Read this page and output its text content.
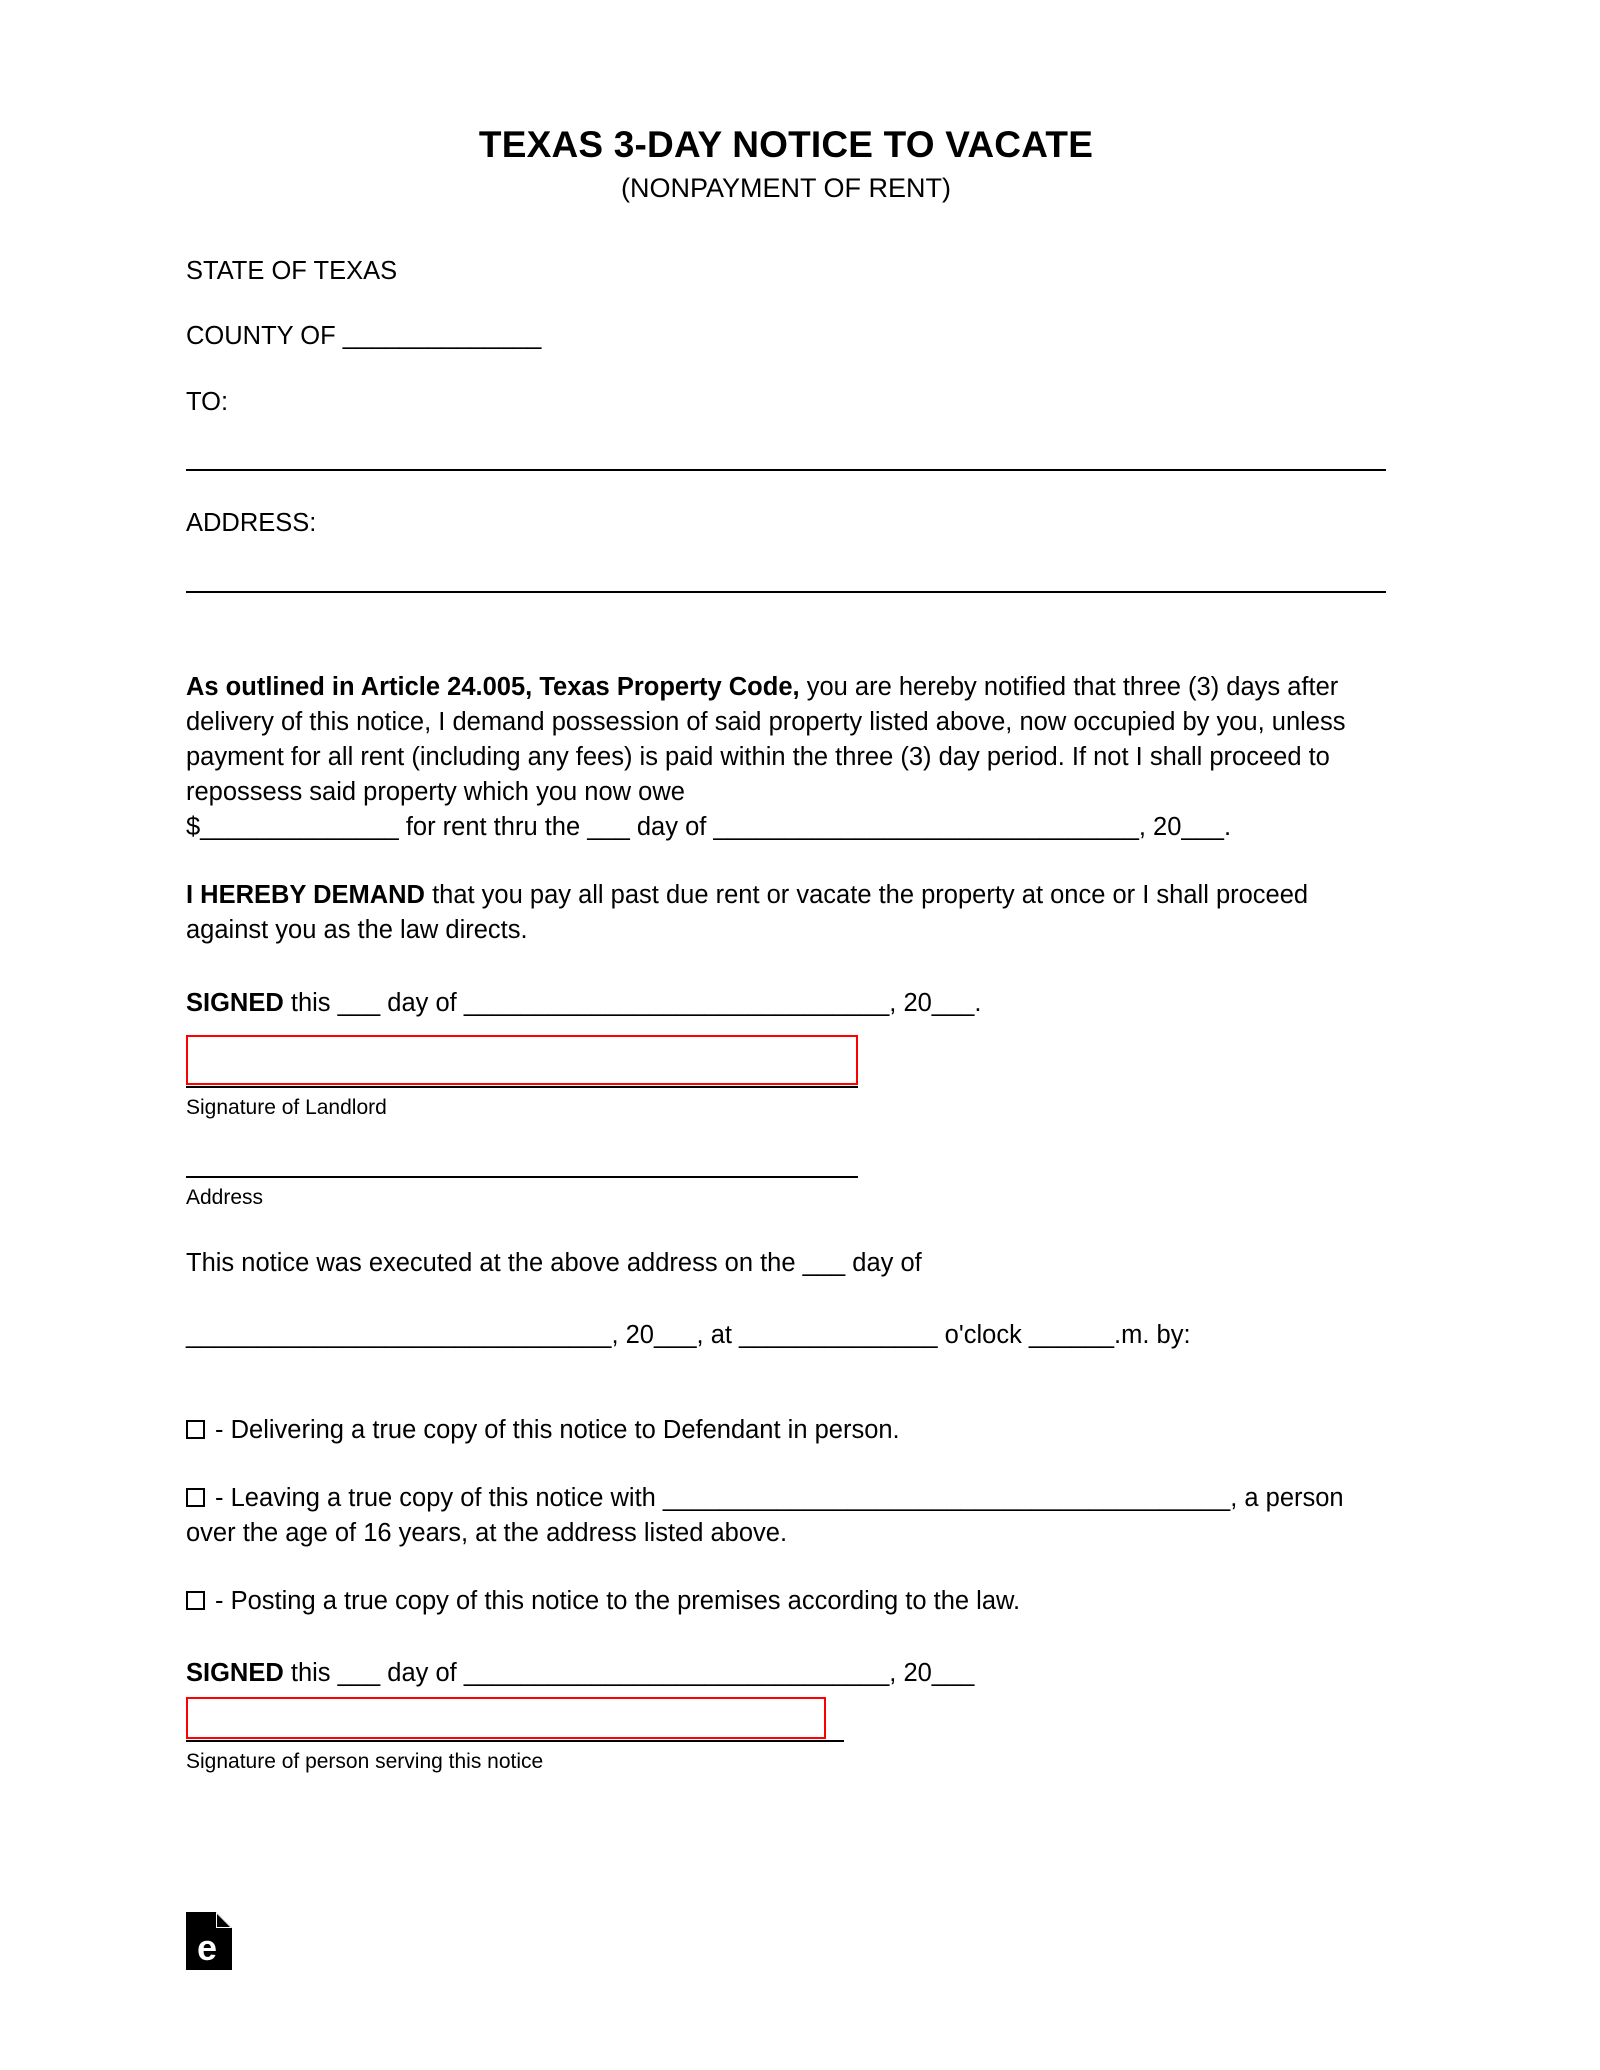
TEXAS 3-DAY NOTICE TO VACATE
(NONPAYMENT OF RENT)
STATE OF TEXAS
COUNTY OF ______________
TO:
ADDRESS:
As outlined in Article 24.005, Texas Property Code, you are hereby notified that three (3) days after delivery of this notice, I demand possession of said property listed above, now occupied by you, unless payment for all rent (including any fees) is paid within the three (3) day period. If not I shall proceed to repossess said property which you now owe
$______________ for rent thru the ___ day of ______________________________, 20___.
I HEREBY DEMAND that you pay all past due rent or vacate the property at once or I shall proceed against you as the law directs.
SIGNED this ___ day of ______________________________, 20___.
Signature of Landlord
Address
This notice was executed at the above address on the ___ day of
______________________________, 20___, at ______________ o'clock ______.m. by:
- Delivering a true copy of this notice to Defendant in person.
- Leaving a true copy of this notice with ________________________________________, a person over the age of 16 years, at the address listed above.
- Posting a true copy of this notice to the premises according to the law.
SIGNED this ___ day of ______________________________, 20___
Signature of person serving this notice
e
